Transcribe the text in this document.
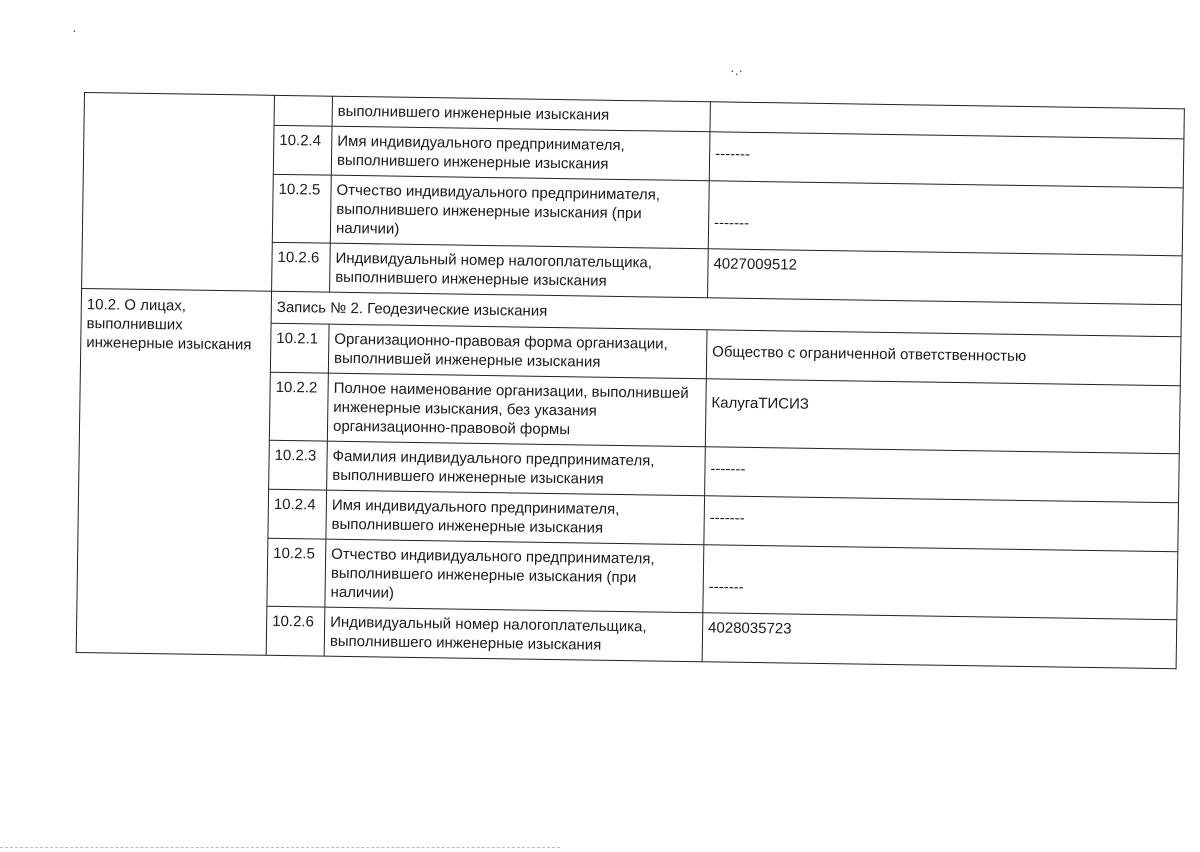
·
·.·
		выполнившего инженерные изыскания	
	10.2.4	Имя индивидуального предпринимателя, выполнившего инженерные изыскания	-------
	10.2.5	Отчество индивидуального предпринимателя, выполнившего инженерные изыскания (при наличии)	-------
	10.2.6	Индивидуальный номер налогоплательщика, выполнившего инженерные изыскания	4027009512
10.2. О лицах, выполнивших инженерные изыскания	Запись № 2. Геодезические изыскания		
	10.2.1	Организационно-правовая форма организации, выполнившей инженерные изыскания	Общество с ограниченной ответственностью
	10.2.2	Полное наименование организации, выполнившей инженерные изыскания, без указания организационно-правовой формы	КалугаТИСИЗ
	10.2.3	Фамилия индивидуального предпринимателя, выполнившего инженерные изыскания	-------
	10.2.4	Имя индивидуального предпринимателя, выполнившего инженерные изыскания	-------
	10.2.5	Отчество индивидуального предпринимателя, выполнившего инженерные изыскания (при наличии)	-------
	10.2.6	Индивидуальный номер налогоплательщика, выполнившего инженерные изыскания	4028035723
